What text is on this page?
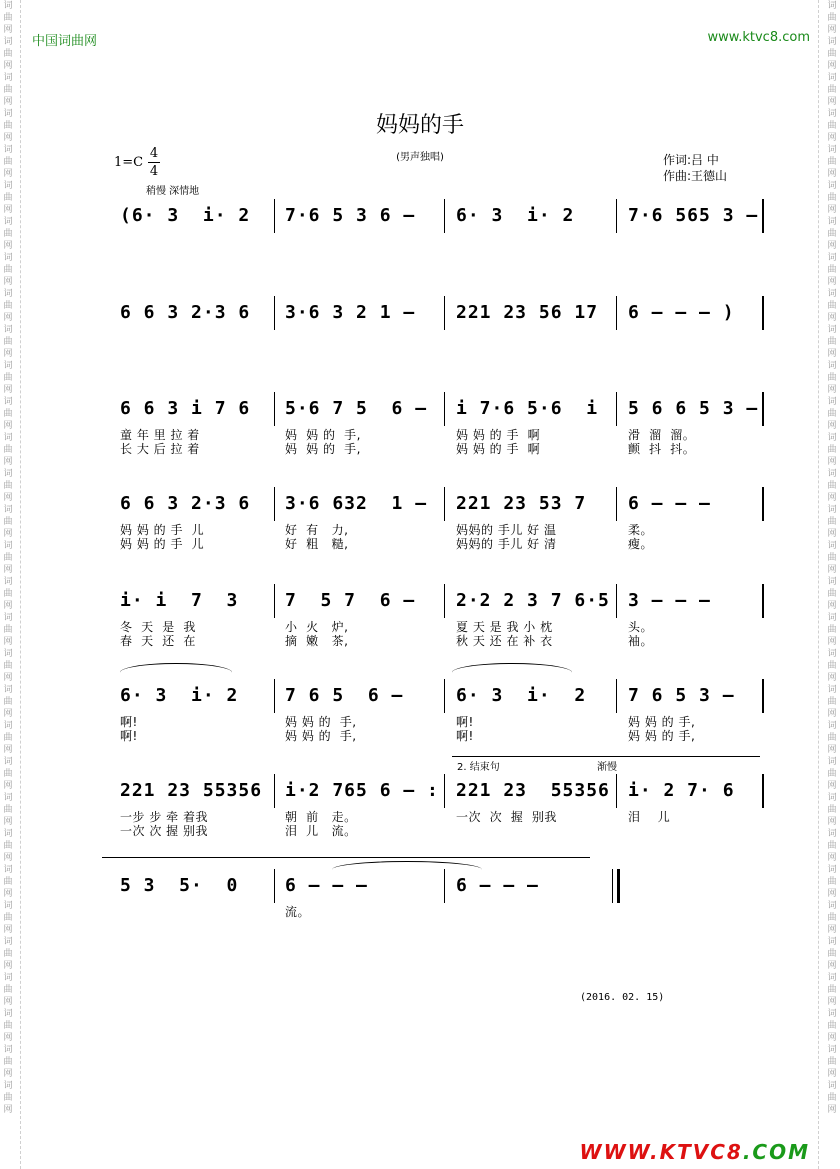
词曲网词曲网词曲网词曲网词曲网词曲网词曲网词曲网词曲网词曲网词曲网词曲网词曲网词曲网词曲网词曲网词曲网词曲网词曲网词曲网词曲网词曲网词曲网词曲网词曲网词曲网词曲网词曲网词曲网词曲网词曲网
词曲网词曲网词曲网词曲网词曲网词曲网词曲网词曲网词曲网词曲网词曲网词曲网词曲网词曲网词曲网词曲网词曲网词曲网词曲网词曲网词曲网词曲网词曲网词曲网词曲网词曲网词曲网词曲网词曲网词曲网词曲网
中国词曲网	www.ktvc8.com
妈妈的手
(男声独唱)
1=C
4
4
稍慢 深情地
作词:吕 中
作曲:王德山
(6· 3  i· 2 7·6 5 3 6 – 6· 3  i· 2	7·6 565 3 –
6 6 3 2·3 6 3·6 3 2 1 – 221 23 56 17 6 – – – )
6 6 3 i 7 6
童 年 里 拉 着
长 大 后 拉 着
5·6 7 5  6 –
妈  妈 的  手,
妈  妈 的  手,
i 7·6 5·6  i
妈 妈 的 手  啊
妈 妈 的 手  啊
5 6 6 5 3 –
滑  溜  溜。
颤  抖  抖。
6 6 3 2·3 6
妈 妈 的 手  儿
妈 妈 的 手  儿
3·6 632  1 –
好  有   力,
好  粗   糙,
221 23 53 7
妈妈的 手儿 好 温
妈妈的 手儿 好 清
6 – – –
柔。
瘦。
i· i  7  3
冬  天  是  我
春  天  还  在
7  5 7  6 –
小  火   炉,
摘  嫩   茶,
2·2 2 3 7 6·5
夏 天 是 我 小 枕
秋 天 还 在 补 衣
3 – – –
头。
袖。
6· 3  i· 2
啊!
啊!
7 6 5  6 –
妈 妈 的  手,
妈 妈 的  手,
6· 3  i·  2
啊!
啊!
7 6 5 3 –
妈 妈 的 手,
妈 妈 的 手,
221 23 55356
一步 步 牵 着我
一次 次 握 别我
i·2 765 6 – :
朝  前   走。
泪  儿   流。
221 23  55356
一次  次  握  别我
i· 2 7· 6
泪    儿
2. 结束句	渐慢
5 3  5·  0	6 – – –
流。
6 – – –
(2016. 02. 15)
WWW.KTVC8.COM
